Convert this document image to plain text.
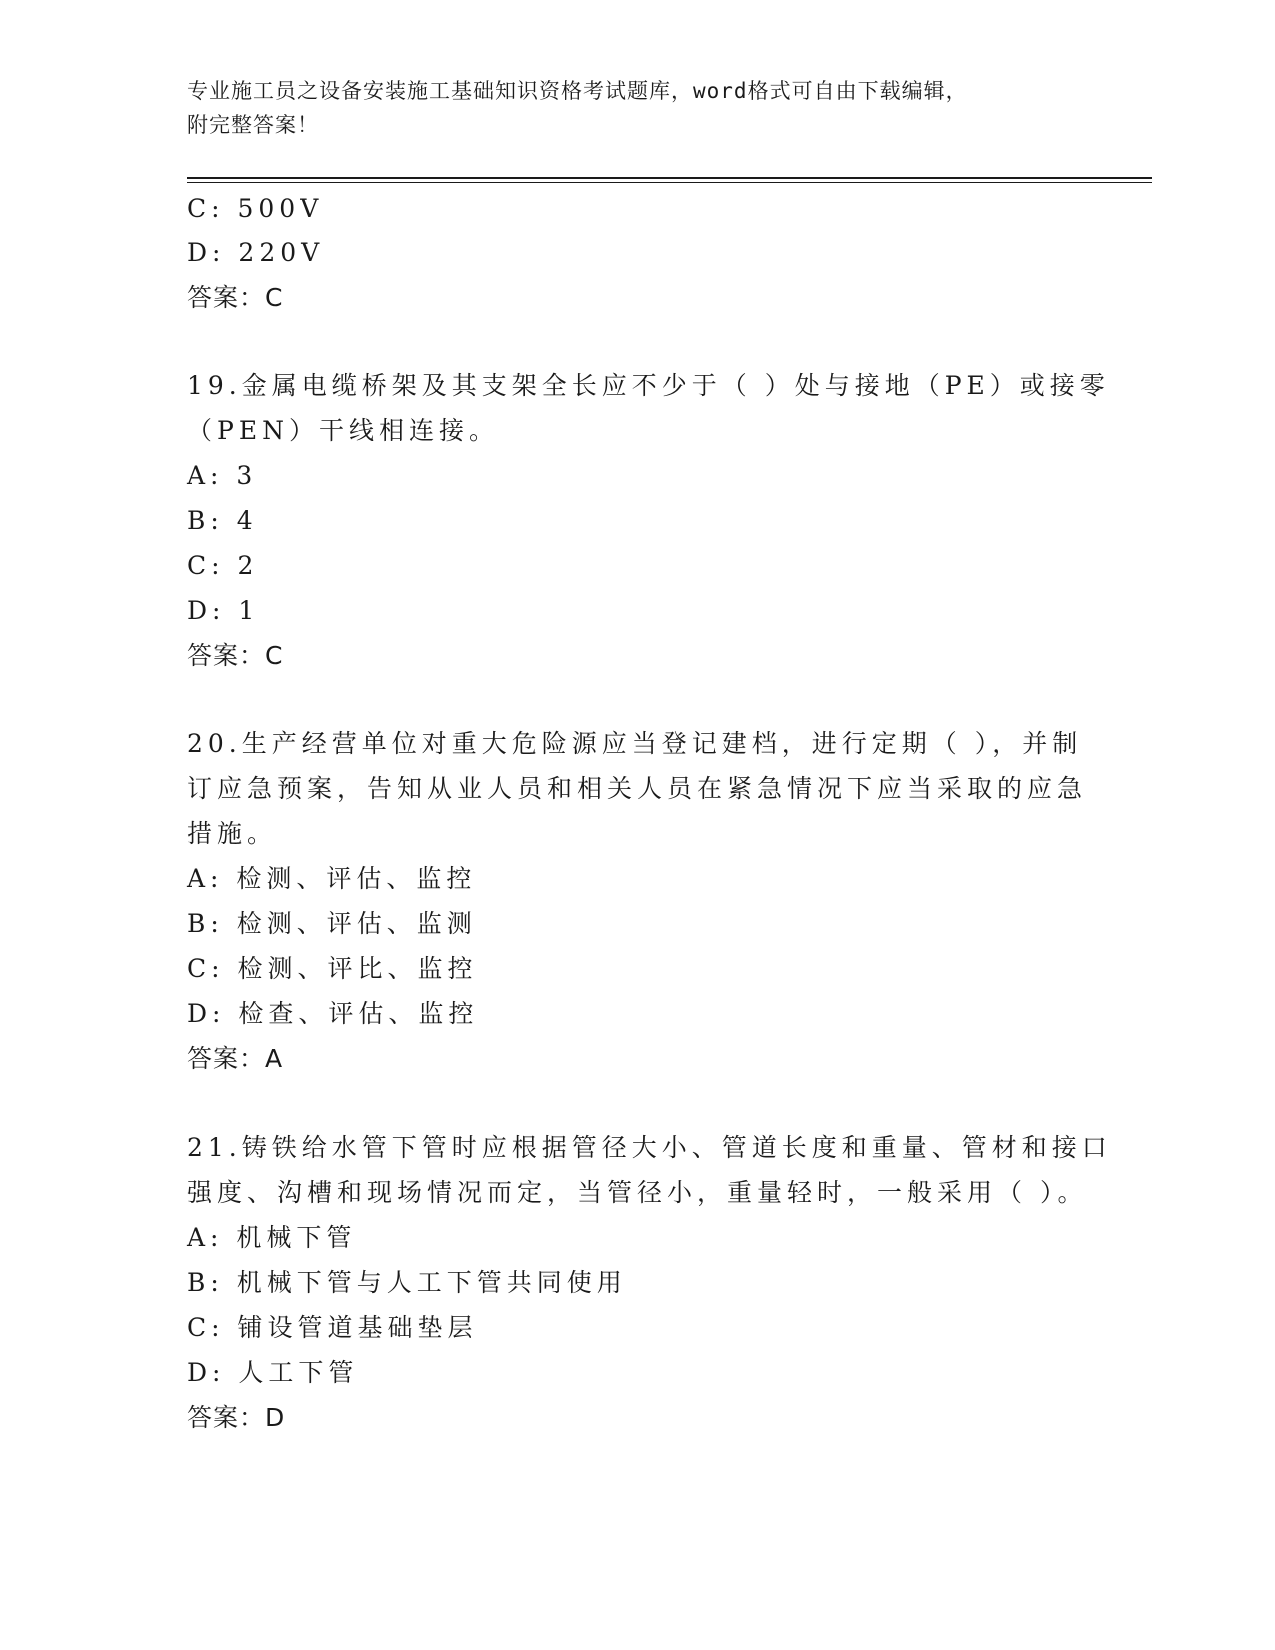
专业施工员之设备安装施工基础知识资格考试题库，word格式可自由下载编辑，
附完整答案！
C: 500V
D: 220V
答案：C
19.金属电缆桥架及其支架全长应不少于（ ）处与接地（PE）或接零
（PEN）干线相连接。
A: 3
B: 4
C: 2
D: 1
答案：C
20.生产经营单位对重大危险源应当登记建档，进行定期（ ），并制
订应急预案，告知从业人员和相关人员在紧急情况下应当采取的应急
措施。
A: 检测、评估、监控
B: 检测、评估、监测
C: 检测、评比、监控
D: 检查、评估、监控
答案：A
21.铸铁给水管下管时应根据管径大小、管道长度和重量、管材和接口
强度、沟槽和现场情况而定，当管径小，重量轻时，一般采用（ ）。
A: 机械下管
B: 机械下管与人工下管共同使用
C: 铺设管道基础垫层
D: 人工下管
答案：D
